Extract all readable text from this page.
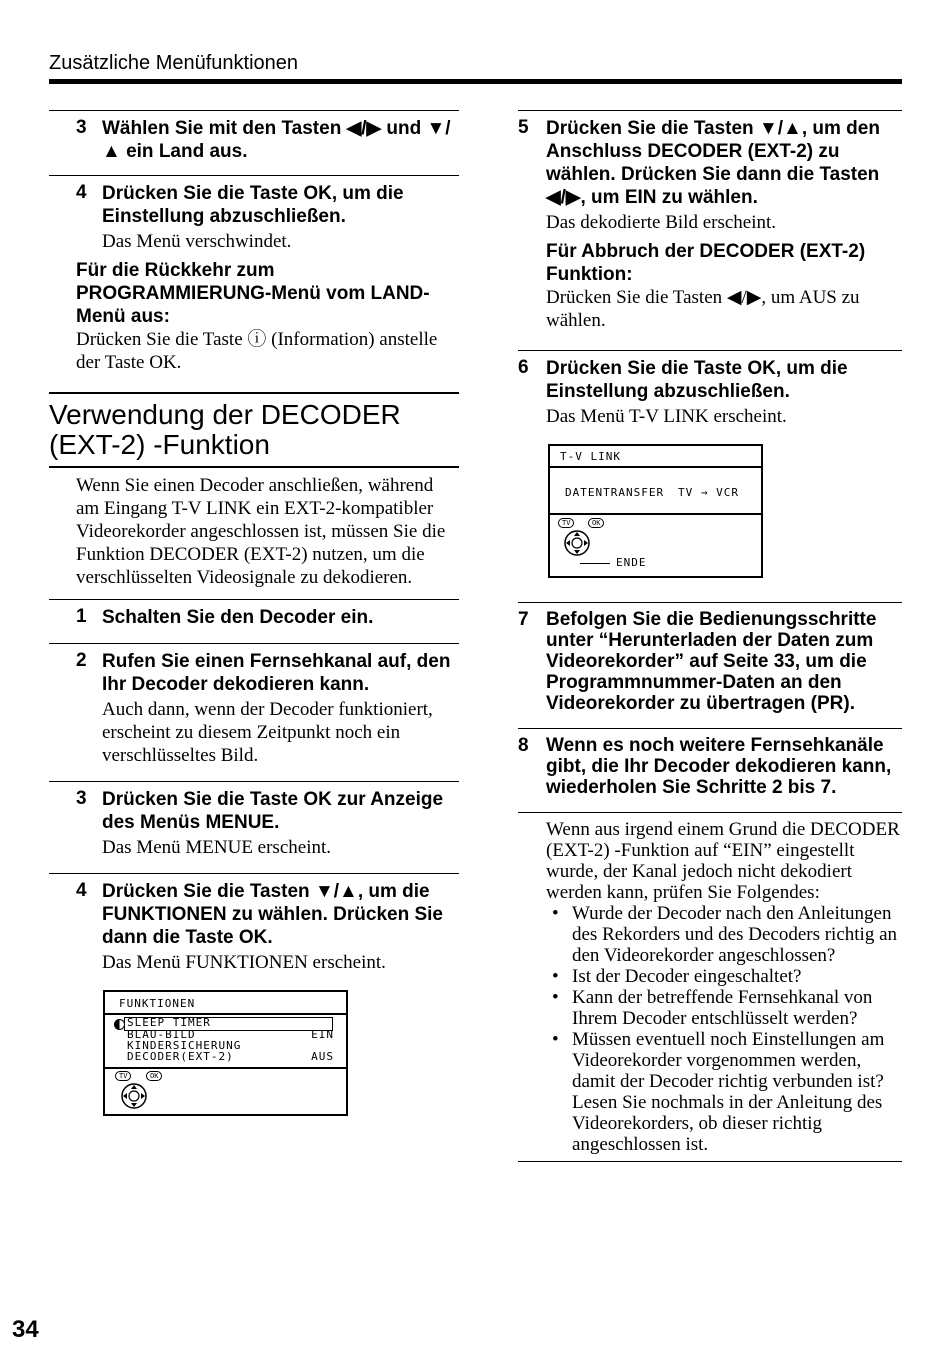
Zusätzliche Menüfunktionen
3 Wählen Sie mit den Tasten ◀/▶ und ▼/▲ ein Land aus.
4 Drücken Sie die Taste OK, um die Einstellung abzuschließen.
Das Menü verschwindet.
Für die Rückkehr zum PROGRAMMIERUNG-Menü vom LAND-Menü aus:
Drücken Sie die Taste ⓘ (Information) anstelle der Taste OK.
Verwendung der DECODER (EXT-2) -Funktion
Wenn Sie einen Decoder anschließen, während am Eingang T-V LINK ein EXT-2-kompatibler Videorekorder angeschlossen ist, müssen Sie die Funktion DECODER (EXT-2) nutzen, um die verschlüsselten Videosignale zu dekodieren.
1 Schalten Sie den Decoder ein.
2 Rufen Sie einen Fernsehkanal auf, den Ihr Decoder dekodieren kann.
Auch dann, wenn der Decoder funktioniert, erscheint zu diesem Zeitpunkt noch ein verschlüsseltes Bild.
3 Drücken Sie die Taste OK zur Anzeige des Menüs MENUE.
Das Menü MENUE erscheint.
4 Drücken Sie die Tasten ▼/▲, um die FUNKTIONEN zu wählen. Drücken Sie dann die Taste OK.
Das Menü FUNKTIONEN erscheint.
FUNKTIONEN
SLEEP TIMER
BLAU-BILD	EIN
KINDERSICHERUNG
DECODER(EXT-2)	AUS
TV	OK
5 Drücken Sie die Tasten ▼/▲, um den Anschluss DECODER (EXT-2) zu wählen. Drücken Sie dann die Tasten ◀/▶, um EIN zu wählen.
Das dekodierte Bild erscheint.
Für Abbruch der DECODER (EXT-2) Funktion:
Drücken Sie die Tasten ◀/▶, um AUS zu wählen.
6 Drücken Sie die Taste OK, um die Einstellung abzuschließen.
Das Menü T-V LINK erscheint.
T-V LINK
DATENTRANSFER TV → VCR
TV	OK
ENDE
7 Befolgen Sie die Bedienungsschritte unter “Herunterladen der Daten zum Videorekorder” auf Seite 33, um die Programmnummer-Daten an den Videorekorder zu übertragen (PR).
8 Wenn es noch weitere Fernsehkanäle gibt, die Ihr Decoder dekodieren kann, wiederholen Sie Schritte 2 bis 7.
Wenn aus irgend einem Grund die DECODER (EXT-2) -Funktion auf “EIN” eingestellt wurde, der Kanal jedoch nicht dekodiert werden kann, prüfen Sie Folgendes:
• Wurde der Decoder nach den Anleitungen des Rekorders und des Decoders richtig an den Videorekorder angeschlossen?
• Ist der Decoder eingeschaltet?
• Kann der betreffende Fernsehkanal von Ihrem Decoder entschlüsselt werden?
• Müssen eventuell noch Einstellungen am Videorekorder vorgenommen werden, damit der Decoder richtig verbunden ist? Lesen Sie nochmals in der Anleitung des Videorekorders, ob dieser richtig angeschlossen ist.
34
